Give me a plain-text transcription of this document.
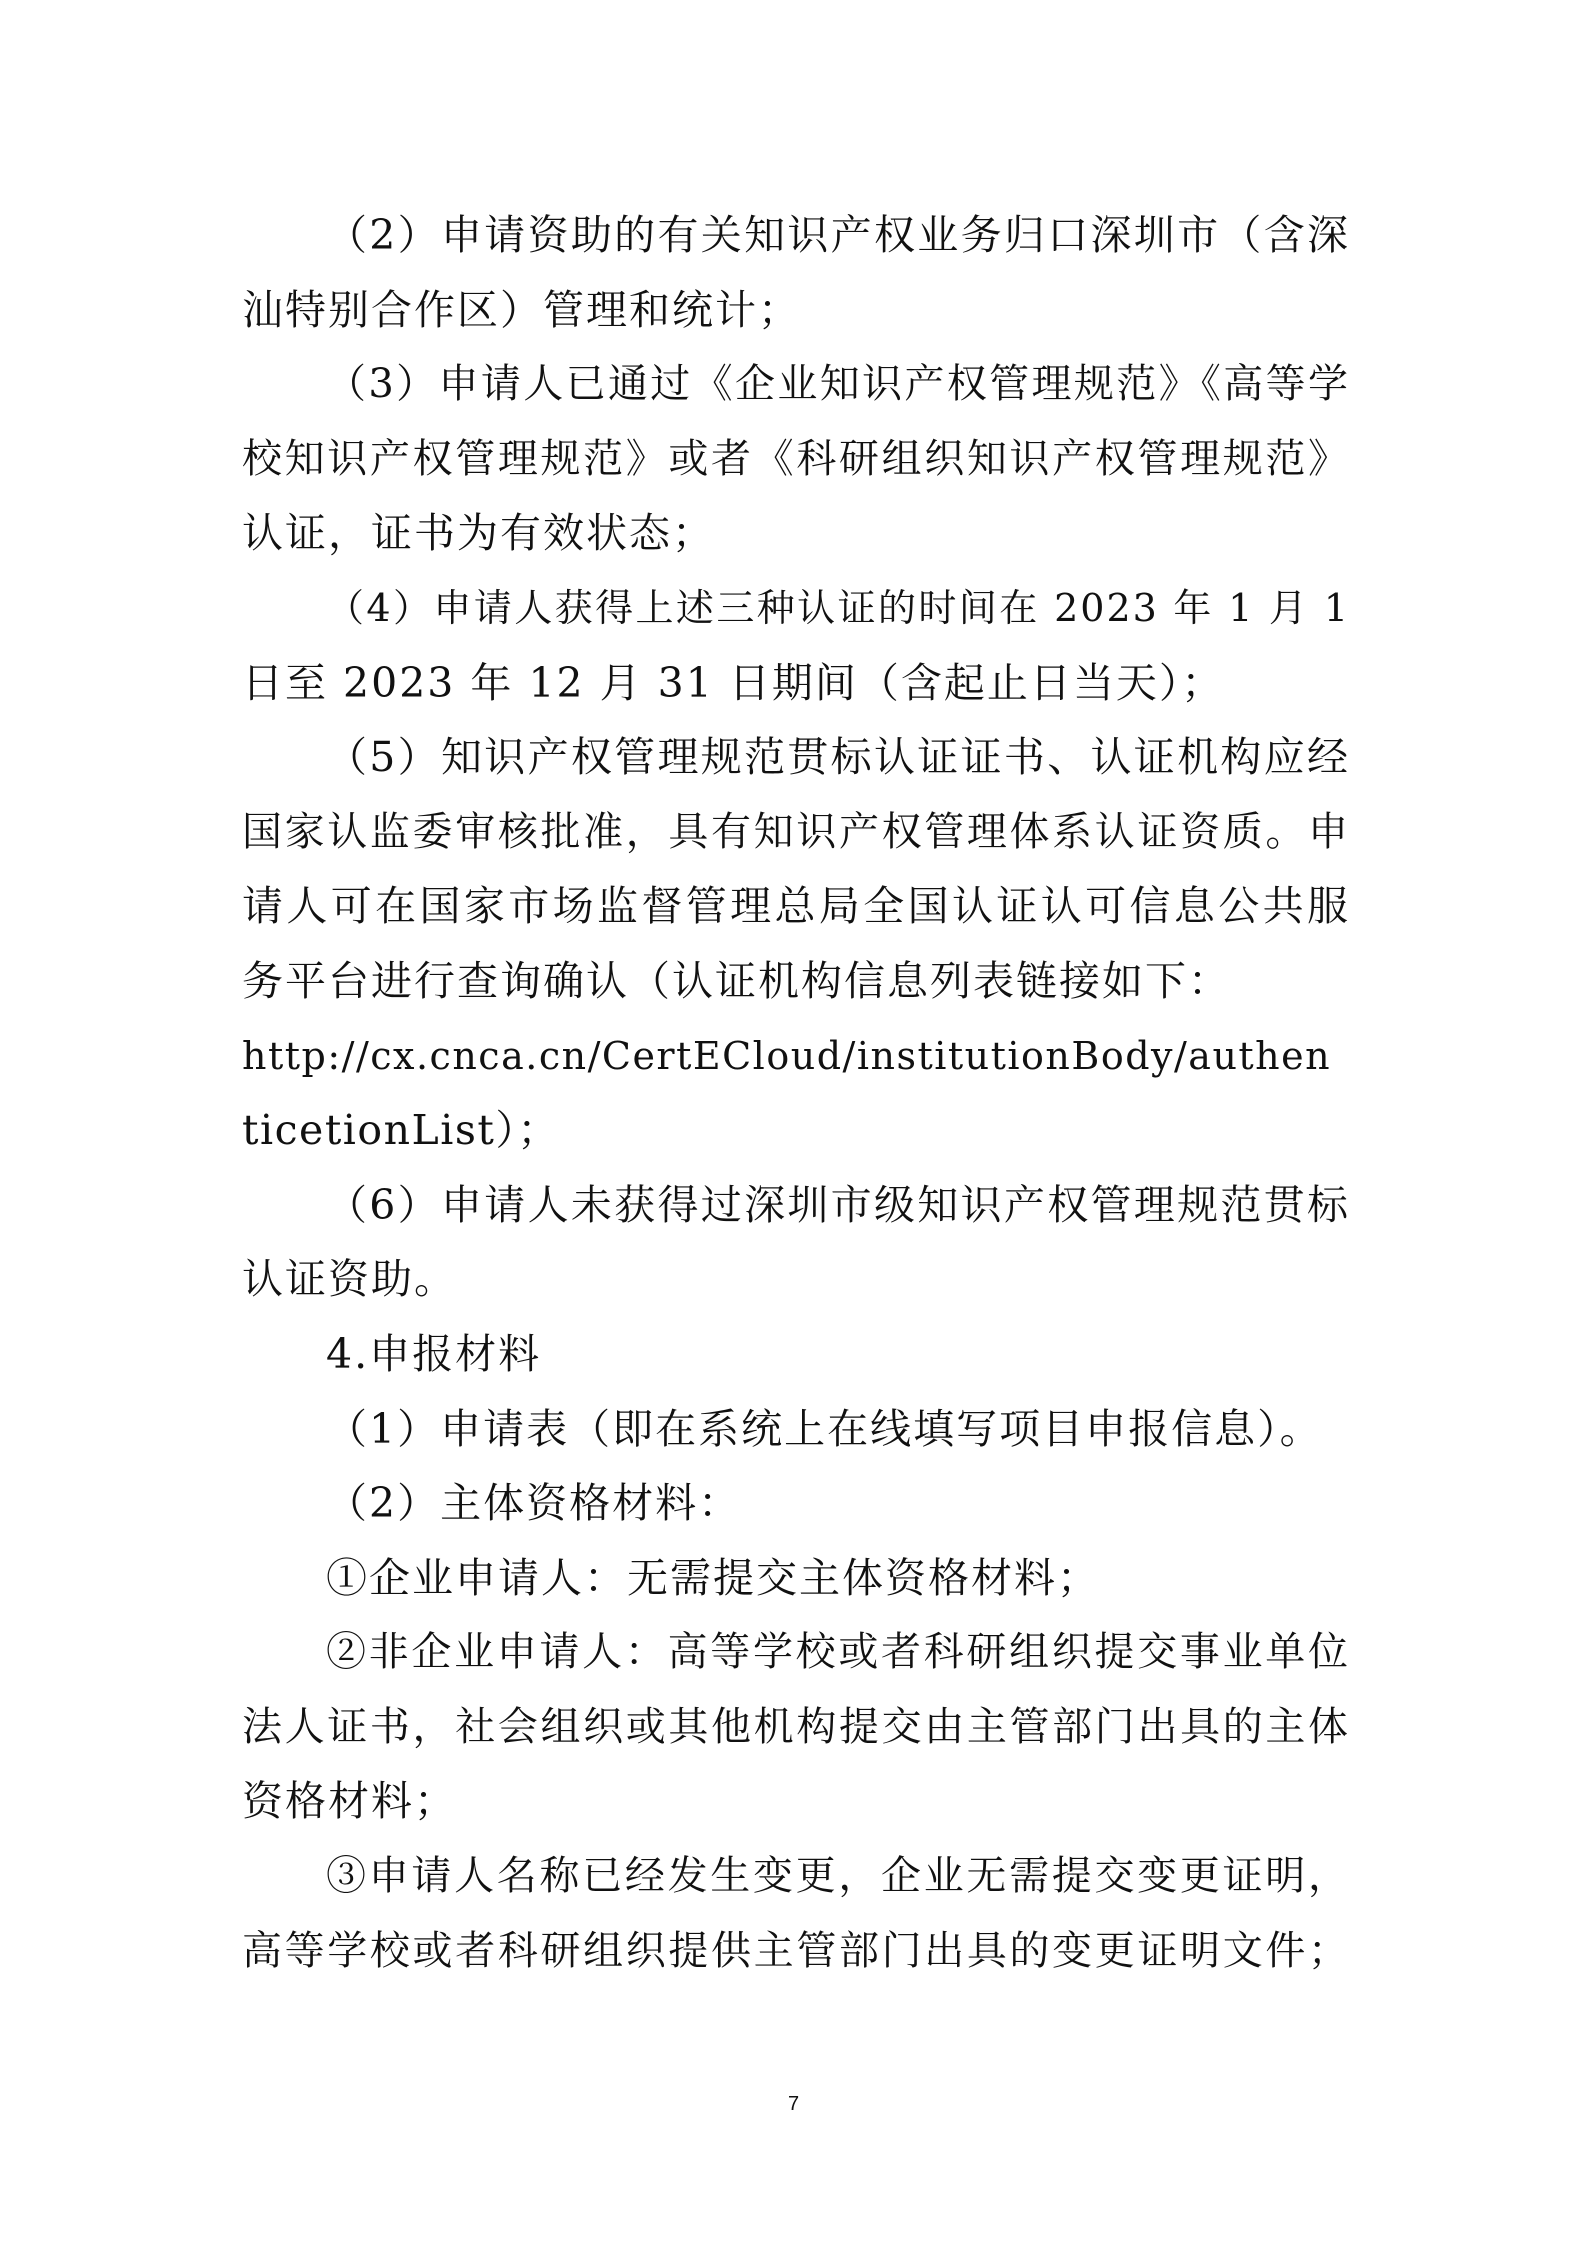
（2）申请资助的有关知识产权业务归口深圳市（含深
汕特别合作区）管理和统计；
（3）申请人已通过《企业知识产权管理规范》《高等学
校知识产权管理规范》或者《科研组织知识产权管理规范》
认证，证书为有效状态；
（4）申请人获得上述三种认证的时间在 2023 年 1 月 1
日至 2023 年 12 月 31 日期间（含起止日当天）；
（5）知识产权管理规范贯标认证证书、认证机构应经
国家认监委审核批准，具有知识产权管理体系认证资质。申
请人可在国家市场监督管理总局全国认证认可信息公共服
务平台进行查询确认（认证机构信息列表链接如下：
http://cx.cnca.cn/CertECloud/institutionBody/authen
ticetionList）；
（6）申请人未获得过深圳市级知识产权管理规范贯标
认证资助。
4.申报材料
（1）申请表（即在系统上在线填写项目申报信息）。
（2）主体资格材料：
①企业申请人：无需提交主体资格材料；
②非企业申请人：高等学校或者科研组织提交事业单位
法人证书，社会组织或其他机构提交由主管部门出具的主体
资格材料；
③申请人名称已经发生变更，企业无需提交变更证明，
高等学校或者科研组织提供主管部门出具的变更证明文件；
7
